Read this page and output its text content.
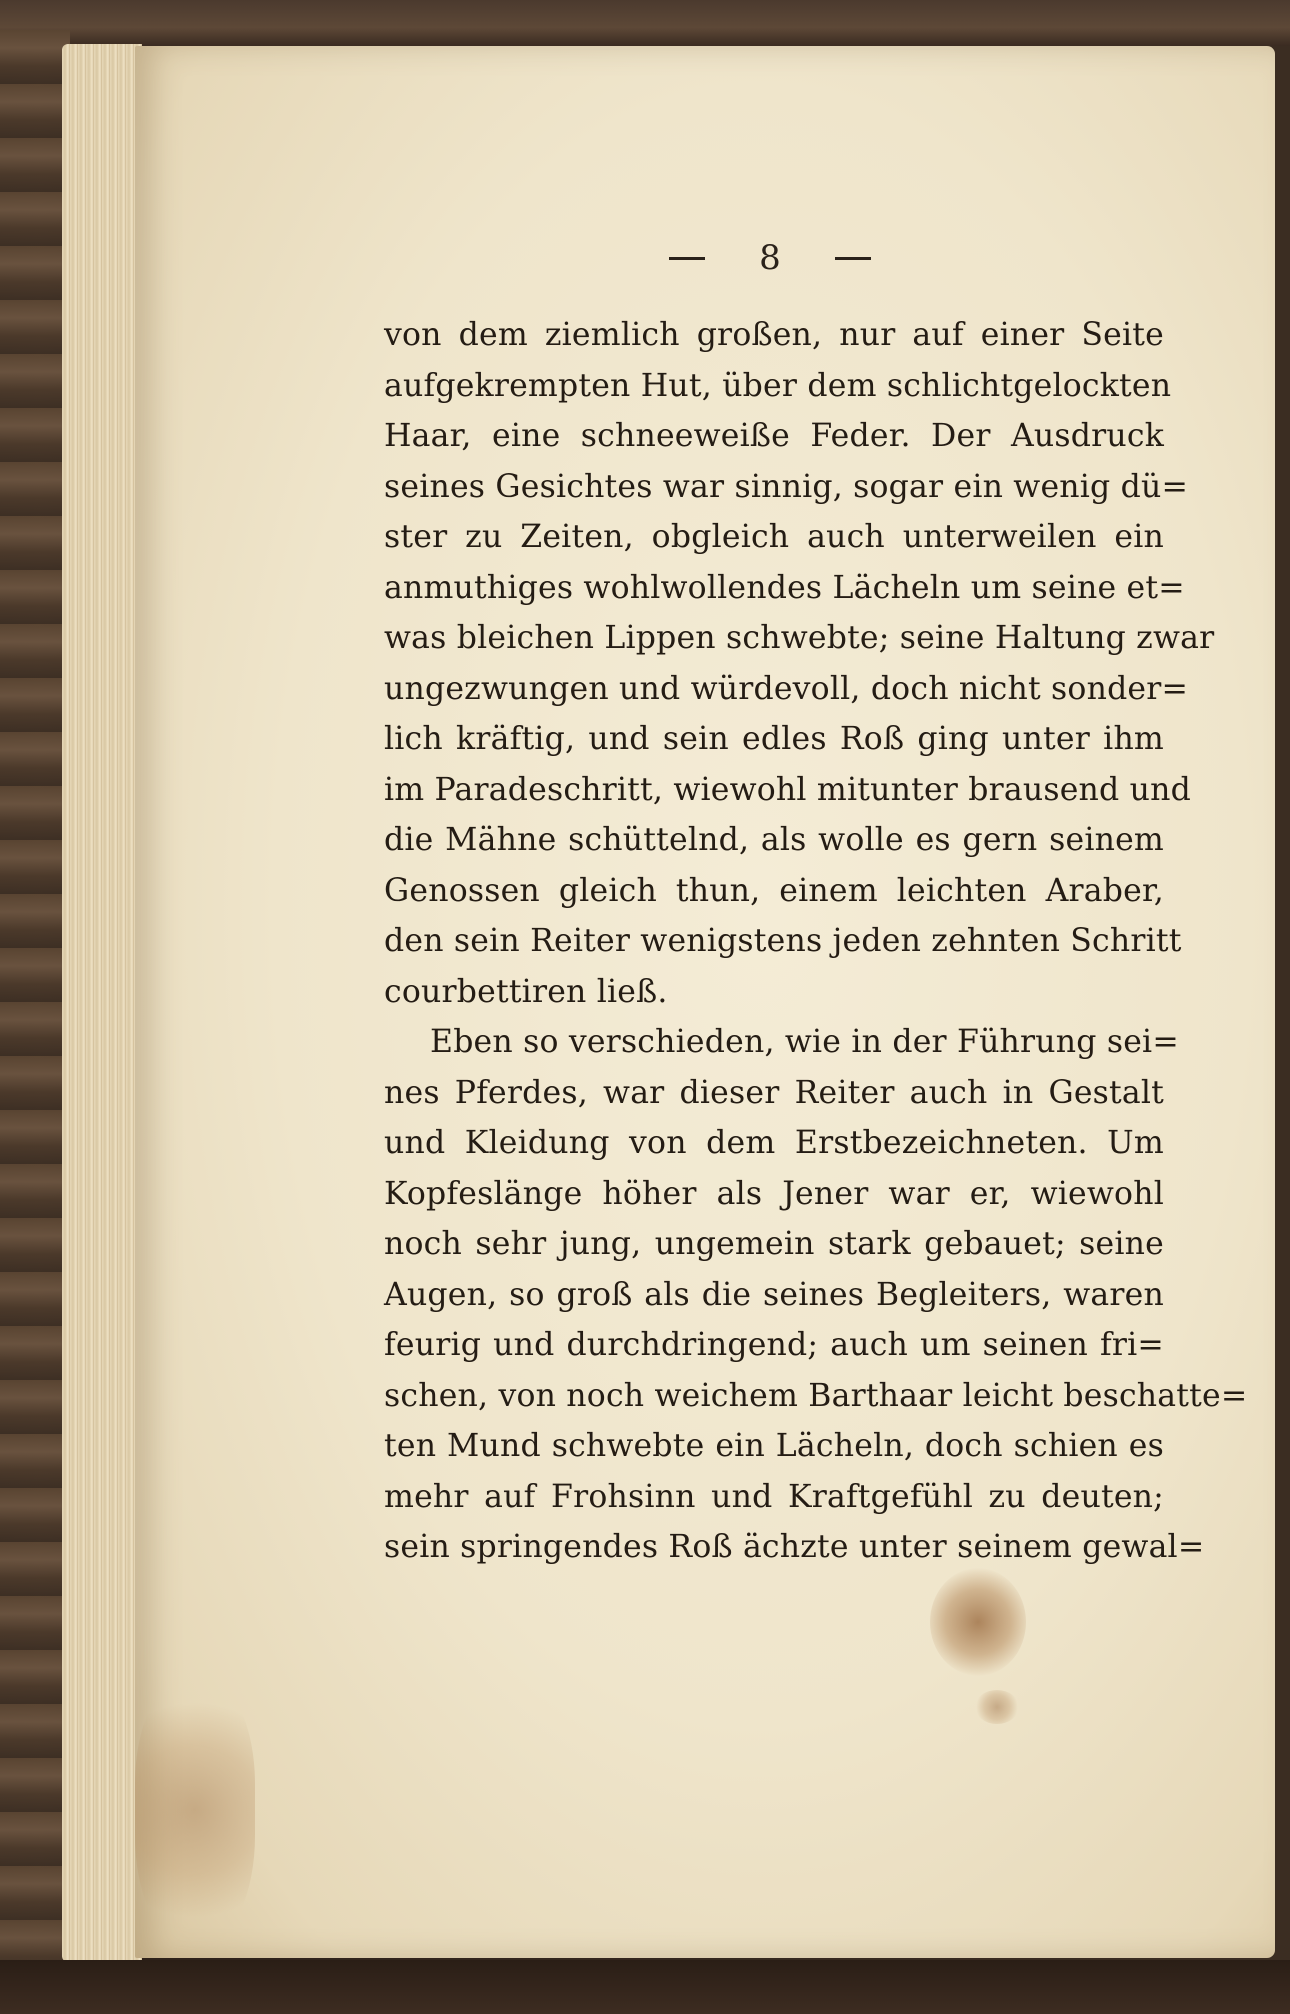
8
von dem ziemlich großen, nur auf einer Seite
aufgekrempten Hut, über dem schlichtgelockten
Haar, eine schneeweiße Feder. Der Ausdruck
seines Gesichtes war sinnig, sogar ein wenig dü=
ster zu Zeiten, obgleich auch unterweilen ein
anmuthiges wohlwollendes Lächeln um seine et=
was bleichen Lippen schwebte; seine Haltung zwar
ungezwungen und würdevoll, doch nicht sonder=
lich kräftig, und sein edles Roß ging unter ihm
im Paradeschritt, wiewohl mitunter brausend und
die Mähne schüttelnd, als wolle es gern seinem
Genossen gleich thun, einem leichten Araber,
den sein Reiter wenigstens jeden zehnten Schritt
courbettiren ließ.
Eben so verschieden, wie in der Führung sei=
nes Pferdes, war dieser Reiter auch in Gestalt
und Kleidung von dem Erstbezeichneten. Um
Kopfeslänge höher als Jener war er, wiewohl
noch sehr jung, ungemein stark gebauet; seine
Augen, so groß als die seines Begleiters, waren
feurig und durchdringend; auch um seinen fri=
schen, von noch weichem Barthaar leicht beschatte=
ten Mund schwebte ein Lächeln, doch schien es
mehr auf Frohsinn und Kraftgefühl zu deuten;
sein springendes Roß ächzte unter seinem gewal=
